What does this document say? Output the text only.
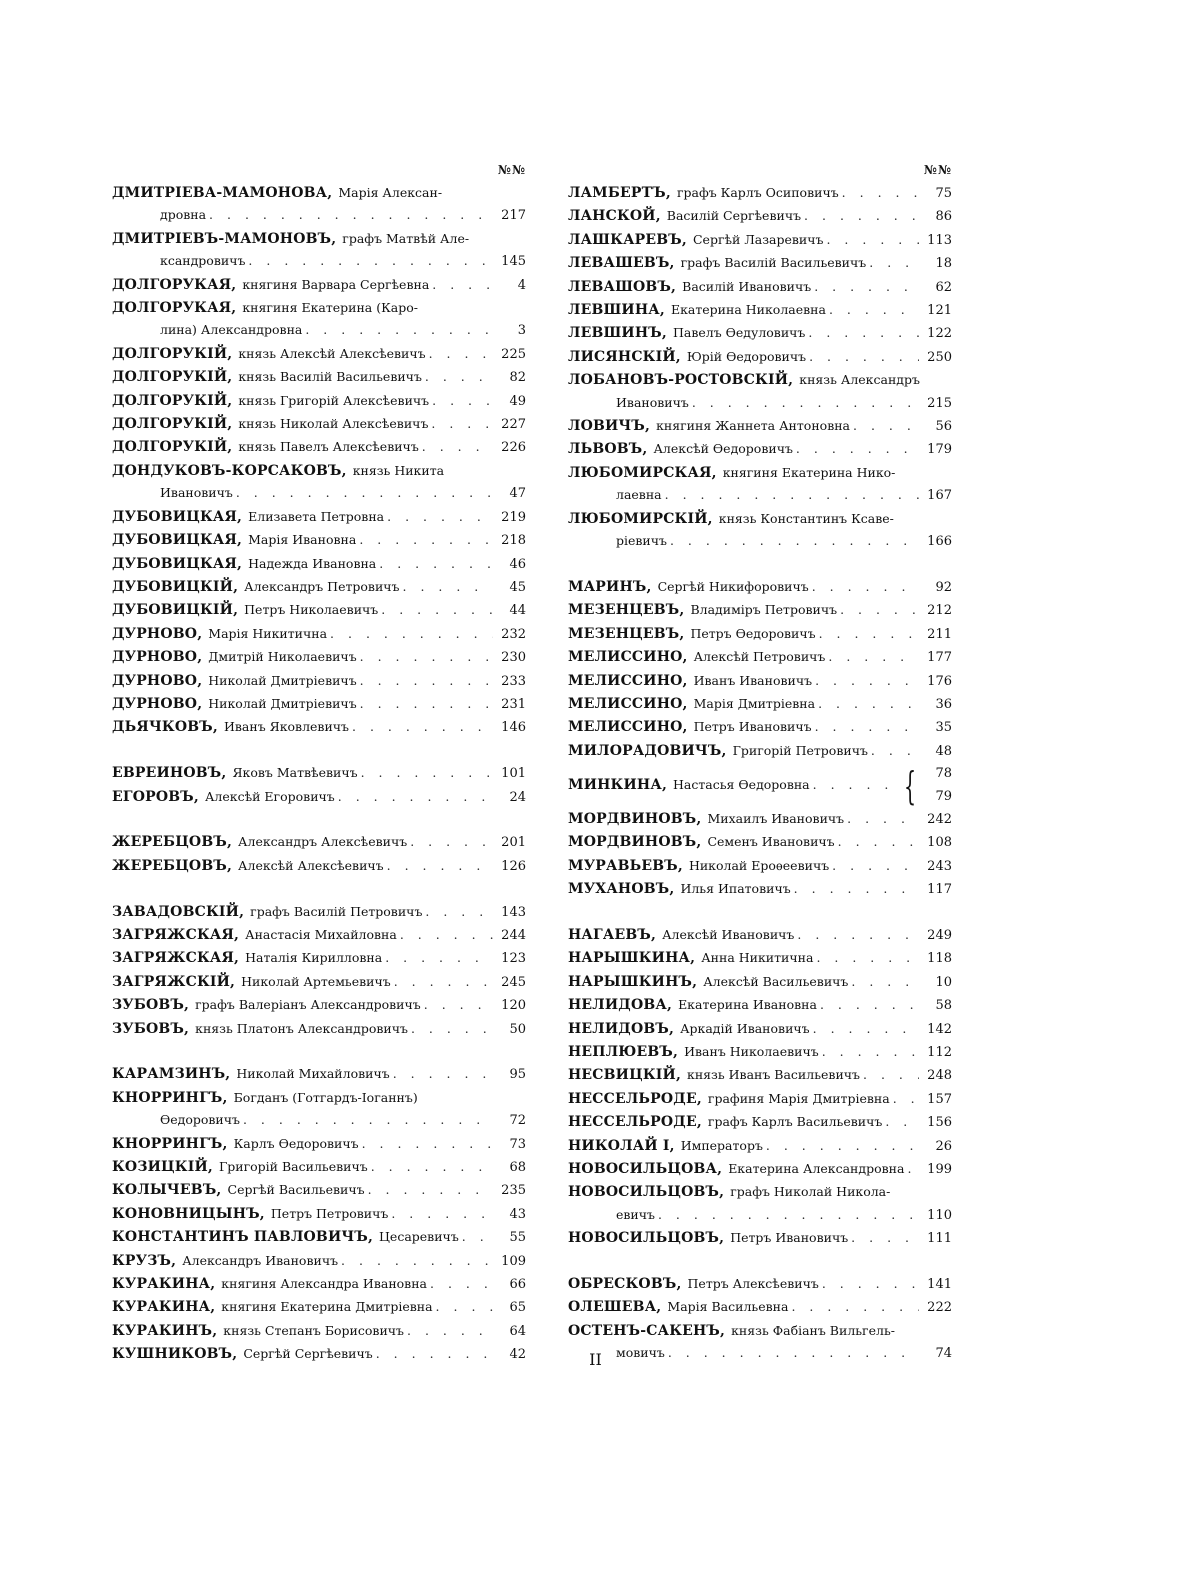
№№
ДМИТРІЕВА-МАМОНОВА, Марія Алексан-
дровна . . .	217
ДМИТРІЕВЪ-МАМОНОВЪ, графъ Матвѣй Але-
ксандровичъ . . .	145
ДОЛГОРУКАЯ, княгиня Варвара Сергѣевна . . .	4
ДОЛГОРУКАЯ, княгиня Екатерина (Каро-
лина) Александровна . . .	3
ДОЛГОРУКІЙ, князь Алексѣй Алексѣевичъ . . .	225
ДОЛГОРУКІЙ, князь Василій Васильевичъ . . .	82
ДОЛГОРУКІЙ, князь Григорій Алексѣевичъ . . .	49
ДОЛГОРУКІЙ, князь Николай Алексѣевичъ . . .	227
ДОЛГОРУКІЙ, князь Павелъ Алексѣевичъ . . .	226
ДОНДУКОВЪ-КОРСАКОВЪ, князь Никита
Ивановичъ . . .	47
ДУБОВИЦКАЯ, Елизавета Петровна . . .	219
ДУБОВИЦКАЯ, Марія Ивановна . . .	218
ДУБОВИЦКАЯ, Надежда Ивановна . . .	46
ДУБОВИЦКІЙ, Александръ Петровичъ . . .	45
ДУБОВИЦКІЙ, Петръ Николаевичъ . . .	44
ДУРНОВО, Марія Никитична . . .	232
ДУРНОВО, Дмитрій Николаевичъ . . .	230
ДУРНОВО, Николай Дмитріевичъ . . .	233
ДУРНОВО, Николай Дмитріевичъ . . .	231
ДЬЯЧКОВЪ, Иванъ Яковлевичъ . . .	146
ЕВРЕИНОВЪ, Яковъ Матвѣевичъ . . .	101
ЕГОРОВЪ, Алексѣй Егоровичъ . . .	24
ЖЕРЕБЦОВЪ, Александръ Алексѣевичъ . . .	201
ЖЕРЕБЦОВЪ, Алексѣй Алексѣевичъ . . .	126
ЗАВАДОВСКІЙ, графъ Василій Петровичъ . . .	143
ЗАГРЯЖСКАЯ, Анастасія Михайловна . . .	244
ЗАГРЯЖСКАЯ, Наталія Кирилловна . . .	123
ЗАГРЯЖСКІЙ, Николай Артемьевичъ . . .	245
ЗУБОВЪ, графъ Валеріанъ Александровичъ . . .	120
ЗУБОВЪ, князь Платонъ Александровичъ . . .	50
КАРАМЗИНЪ, Николай Михайловичъ . . .	95
КНОРРИНГЪ, Богданъ (Готгардъ-Іоганнъ)
Ѳедоровичъ . . .	72
КНОРРИНГЪ, Карлъ Ѳедоровичъ . . .	73
КОЗИЦКІЙ, Григорій Васильевичъ . . .	68
КОЛЫЧЕВЪ, Сергѣй Васильевичъ . . .	235
КОНОВНИЦЫНЪ, Петръ Петровичъ . . .	43
КОНСТАНТИНЪ ПАВЛОВИЧЪ, Цесаревичъ . . .	55
КРУЗЪ, Александръ Ивановичъ . . .	109
КУРАКИНА, княгиня Александра Ивановна . . .	66
КУРАКИНА, княгиня Екатерина Дмитріевна . . .	65
КУРАКИНЪ, князь Степанъ Борисовичъ . . .	64
КУШНИКОВЪ, Сергѣй Сергѣевичъ . . .	42
№№
ЛАМБЕРТЪ, графъ Карлъ Осиповичъ . . .	75
ЛАНСКОЙ, Василій Сергѣевичъ . . .	86
ЛАШКАРЕВЪ, Сергѣй Лазаревичъ . . .	113
ЛЕВАШЕВЪ, графъ Василій Васильевичъ . . .	18
ЛЕВАШОВЪ, Василій Ивановичъ . . .	62
ЛЕВШИНА, Екатерина Николаевна . . .	121
ЛЕВШИНЪ, Павелъ Ѳедуловичъ . . .	122
ЛИСЯНСКІЙ, Юрій Ѳедоровичъ . . .	250
ЛОБАНОВЪ-РОСТОВСКІЙ, князь Александръ
Ивановичъ . . .	215
ЛОВИЧЪ, княгиня Жаннета Антоновна . . .	56
ЛЬВОВЪ, Алексѣй Ѳедоровичъ . . .	179
ЛЮБОМИРСКАЯ, княгиня Екатерина Нико-
лаевна . . .	167
ЛЮБОМИРСКІЙ, князь Константинъ Ксаве-
ріевичъ . . .	166
МАРИНЪ, Сергѣй Никифоровичъ . . .	92
МЕЗЕНЦЕВЪ, Владиміръ Петровичъ . . .	212
МЕЗЕНЦЕВЪ, Петръ Ѳедоровичъ . . .	211
МЕЛИССИНО, Алексѣй Петровичъ . . .	177
МЕЛИССИНО, Иванъ Ивановичъ . . .	176
МЕЛИССИНО, Марія Дмитріевна . . .	36
МЕЛИССИНО, Петръ Ивановичъ . . .	35
МИЛОРАДОВИЧЪ, Григорій Петровичъ . . .	48
МИНКИНА, Настасья Ѳедоровна . . . {	78
79
МОРДВИНОВЪ, Михаилъ Ивановичъ . . .	242
МОРДВИНОВЪ, Семенъ Ивановичъ . . .	108
МУРАВЬЕВЪ, Николай Ероѳеевичъ . . .	243
МУХАНОВЪ, Илья Ипатовичъ . . .	117
НАГАЕВЪ, Алексѣй Ивановичъ . . .	249
НАРЫШКИНА, Анна Никитична . . .	118
НАРЫШКИНЪ, Алексѣй Васильевичъ . . .	10
НЕЛИДОВА, Екатерина Ивановна . . .	58
НЕЛИДОВЪ, Аркадій Ивановичъ . . .	142
НЕПЛЮЕВЪ, Иванъ Николаевичъ . . .	112
НЕСВИЦКІЙ, князь Иванъ Васильевичъ . . .	248
НЕССЕЛЬРОДЕ, графиня Марія Дмитріевна . . .	157
НЕССЕЛЬРОДЕ, графъ Карлъ Васильевичъ . . .	156
НИКОЛАЙ I, Императоръ . . .	26
НОВОСИЛЬЦОВА, Екатерина Александровна . . .	199
НОВОСИЛЬЦОВЪ, графъ Николай Никола-
евичъ . . .	110
НОВОСИЛЬЦОВЪ, Петръ Ивановичъ . . .	111
ОБРЕСКОВЪ, Петръ Алексѣевичъ . . .	141
ОЛЕШЕВА, Марія Васильевна . . .	222
ОСТЕНЪ-САКЕНЪ, князь Фабіанъ Вильгель-
мовичъ . . .	74
II
